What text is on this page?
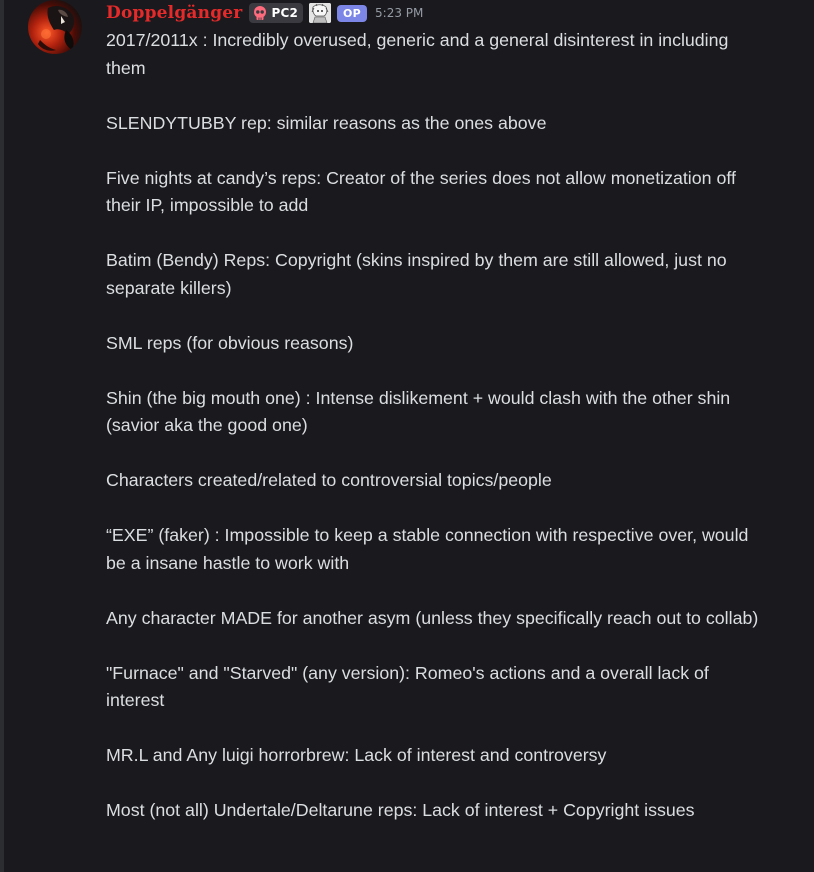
Doppelgänger PC2	OP 5:23 PM

2017/2011x : Incredibly overused, generic and a general disinterest in including them

SLENDYTUBBY rep: similar reasons as the ones above

Five nights at candy’s reps: Creator of the series does not allow monetization off their IP, impossible to add

Batim (Bendy) Reps: Copyright (skins inspired by them are still allowed, just no separate killers)

SML reps (for obvious reasons)

Shin (the big mouth one) : Intense dislikement + would clash with the other shin (savior aka the good one)

Characters created/related to controversial topics/people

“EXE” (faker) : Impossible to keep a stable connection with respective over, would be a insane hastle to work with

Any character MADE for another asym (unless they specifically reach out to collab)

"Furnace" and "Starved" (any version): Romeo's actions and a overall lack of interest

MR.L and Any luigi horrorbrew: Lack of interest and controversy

Most (not all) Undertale/Deltarune reps: Lack of interest + Copyright issues
